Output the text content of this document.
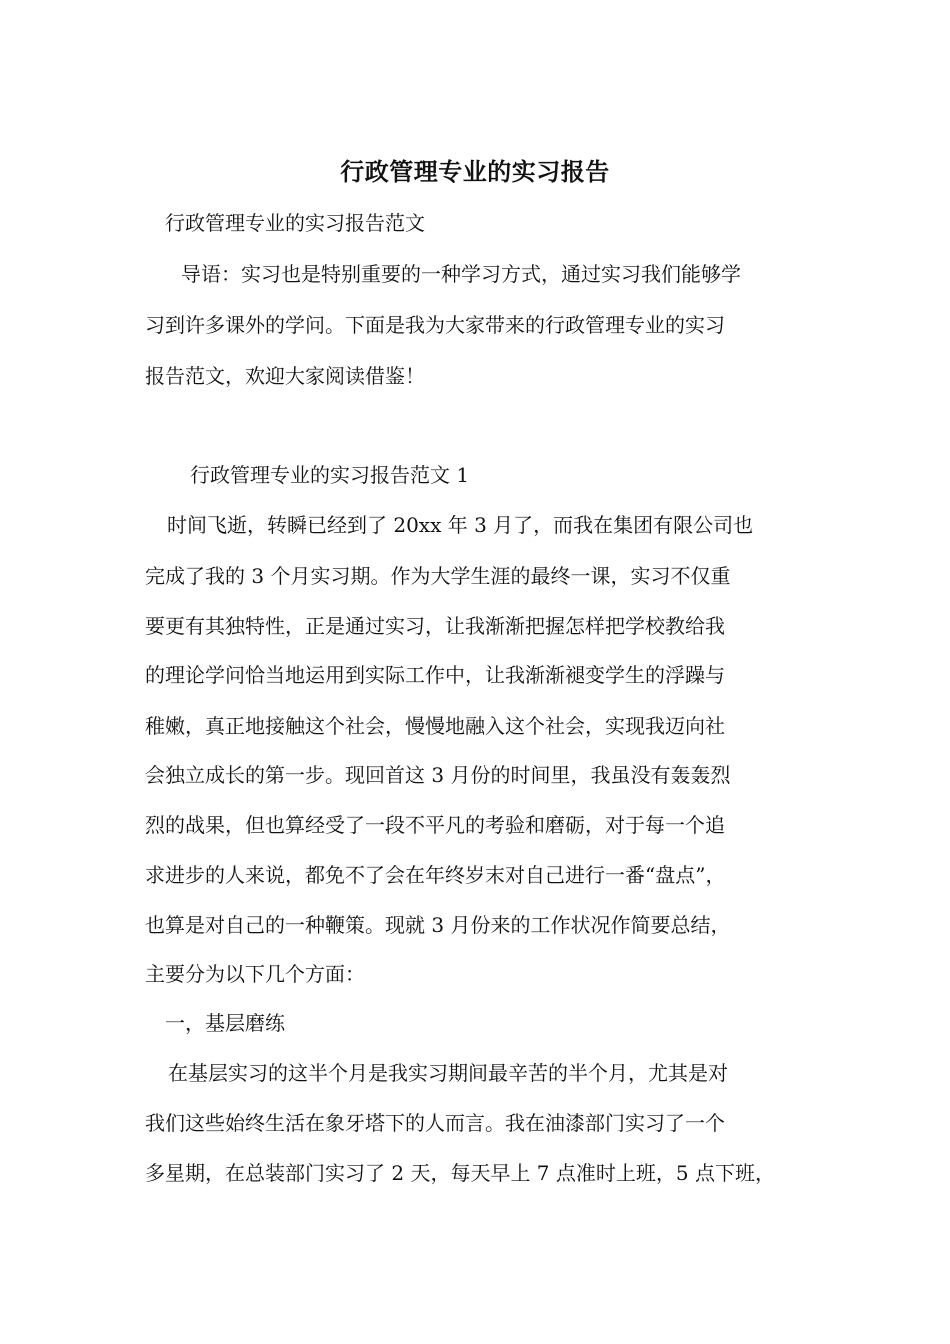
行政管理专业的实习报告
行政管理专业的实习报告范文
导语：实习也是特别重要的一种学习方式，通过实习我们能够学
习到许多课外的学问。下面是我为大家带来的行政管理专业的实习
报告范文，欢迎大家阅读借鉴！
行政管理专业的实习报告范文 1
时间飞逝，转瞬已经到了 20xx 年 3 月了，而我在集团有限公司也
完成了我的 3 个月实习期。作为大学生涯的最终一课，实习不仅重
要更有其独特性，正是通过实习，让我渐渐把握怎样把学校教给我
的理论学问恰当地运用到实际工作中，让我渐渐褪变学生的浮躁与
稚嫩，真正地接触这个社会，慢慢地融入这个社会，实现我迈向社
会独立成长的第一步。现回首这 3 月份的时间里，我虽没有轰轰烈
烈的战果，但也算经受了一段不平凡的考验和磨砺，对于每一个追
求进步的人来说，都免不了会在年终岁末对自己进行一番“盘点”，
也算是对自己的一种鞭策。现就 3 月份来的工作状况作简要总结，
主要分为以下几个方面：
一，基层磨练
在基层实习的这半个月是我实习期间最辛苦的半个月，尤其是对
我们这些始终生活在象牙塔下的人而言。我在油漆部门实习了一个
多星期，在总装部门实习了 2 天，每天早上 7 点准时上班，5 点下班，
